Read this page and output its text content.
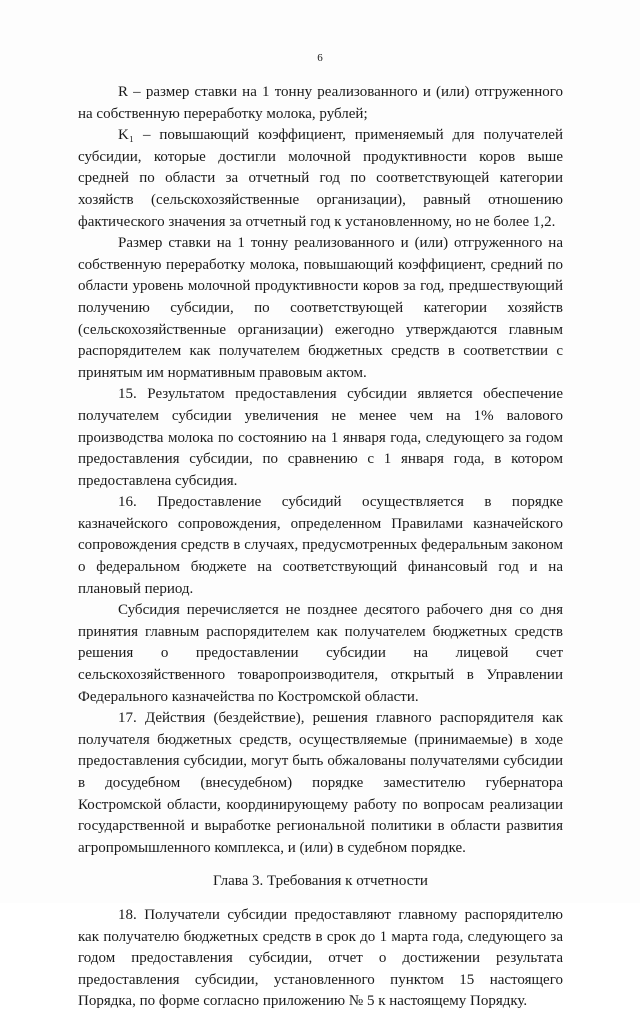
6

R – размер ставки на 1 тонну реализованного и (или) отгруженного на собственную переработку молока, рублей;

K₁ – повышающий коэффициент, применяемый для получателей субсидии, которые достигли молочной продуктивности коров выше средней по области за отчетный год по соответствующей категории хозяйств (сельскохозяйственные организации), равный отношению фактического значения за отчетный год к установленному, но не более 1,2.

Размер ставки на 1 тонну реализованного и (или) отгруженного на собственную переработку молока, повышающий коэффициент, средний по области уровень молочной продуктивности коров за год, предшествующий получению субсидии, по соответствующей категории хозяйств (сельскохозяйственные организации) ежегодно утверждаются главным распорядителем как получателем бюджетных средств в соответствии с принятым им нормативным правовым актом.

15. Результатом предоставления субсидии является обеспечение получателем субсидии увеличения не менее чем на 1% валового производства молока по состоянию на 1 января года, следующего за годом предоставления субсидии, по сравнению с 1 января года, в котором предоставлена субсидия.

16. Предоставление субсидий осуществляется в порядке казначейского сопровождения, определенном Правилами казначейского сопровождения средств в случаях, предусмотренных федеральным законом о федеральном бюджете на соответствующий финансовый год и на плановый период.

Субсидия перечисляется не позднее десятого рабочего дня со дня принятия главным распорядителем как получателем бюджетных средств решения о предоставлении субсидии на лицевой счет сельскохозяйственного товаропроизводителя, открытый в Управлении Федерального казначейства по Костромской области.

17. Действия (бездействие), решения главного распорядителя как получателя бюджетных средств, осуществляемые (принимаемые) в ходе предоставления субсидии, могут быть обжалованы получателями субсидии в досудебном (внесудебном) порядке заместителю губернатора Костромской области, координирующему работу по вопросам реализации государственной и выработке региональной политики в области развития агропромышленного комплекса, и (или) в судебном порядке.

Глава 3. Требования к отчетности

18. Получатели субсидии предоставляют главному распорядителю как получателю бюджетных средств в срок до 1 марта года, следующего за годом предоставления субсидии, отчет о достижении результата предоставления субсидии, установленного пунктом 15 настоящего Порядка, по форме согласно приложению № 5 к настоящему Порядку.
